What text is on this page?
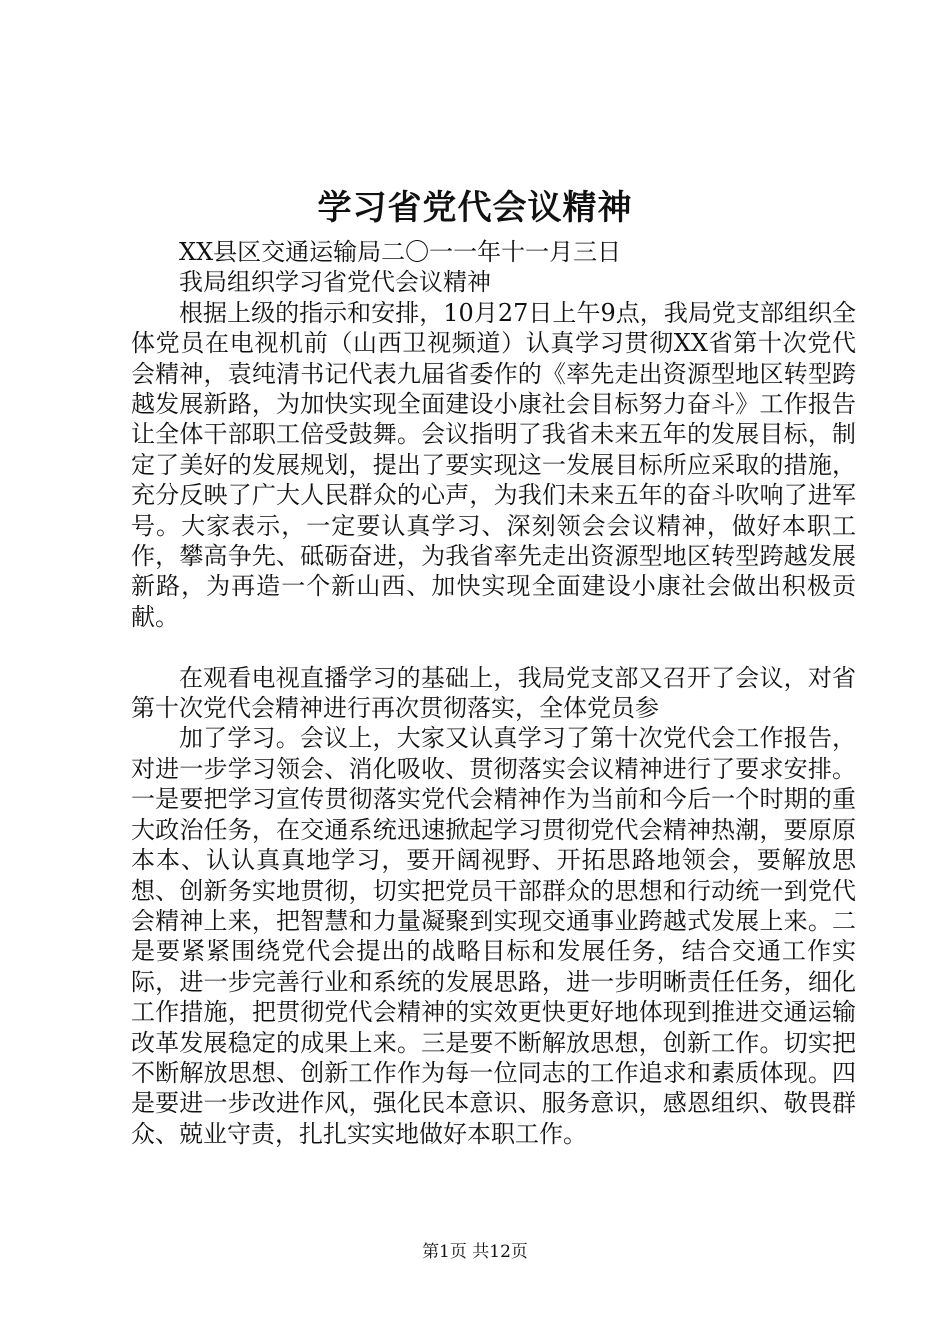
学习省党代会议精神

XX县区交通运输局二〇一一年十一月三日

我局组织学习省党代会议精神

根据上级的指示和安排，10月27日上午9点，我局党支部组织全体党员在电视机前（山西卫视频道）认真学习贯彻XX省第十次党代会精神，袁纯清书记代表九届省委作的《率先走出资源型地区转型跨越发展新路，为加快实现全面建设小康社会目标努力奋斗》工作报告让全体干部职工倍受鼓舞。会议指明了我省未来五年的发展目标，制定了美好的发展规划，提出了要实现这一发展目标所应采取的措施，充分反映了广大人民群众的心声，为我们未来五年的奋斗吹响了进军号。大家表示，一定要认真学习、深刻领会会议精神，做好本职工作，攀高争先、砥砺奋进，为我省率先走出资源型地区转型跨越发展新路，为再造一个新山西、加快实现全面建设小康社会做出积极贡献。

在观看电视直播学习的基础上，我局党支部又召开了会议，对省第十次党代会精神进行再次贯彻落实，全体党员参

加了学习。会议上，大家又认真学习了第十次党代会工作报告，对进一步学习领会、消化吸收、贯彻落实会议精神进行了要求安排。一是要把学习宣传贯彻落实党代会精神作为当前和今后一个时期的重大政治任务，在交通系统迅速掀起学习贯彻党代会精神热潮，要原原本本、认认真真地学习，要开阔视野、开拓思路地领会，要解放思想、创新务实地贯彻，切实把党员干部群众的思想和行动统一到党代会精神上来，把智慧和力量凝聚到实现交通事业跨越式发展上来。二是要紧紧围绕党代会提出的战略目标和发展任务，结合交通工作实际，进一步完善行业和系统的发展思路，进一步明晰责任任务，细化工作措施，把贯彻党代会精神的实效更快更好地体现到推进交通运输改革发展稳定的成果上来。三是要不断解放思想，创新工作。切实把不断解放思想、创新工作作为每一位同志的工作追求和素质体现。四是要进一步改进作风，强化民本意识、服务意识，感恩组织、敬畏群众、兢业守责，扎扎实实地做好本职工作。

第1页 共12页
